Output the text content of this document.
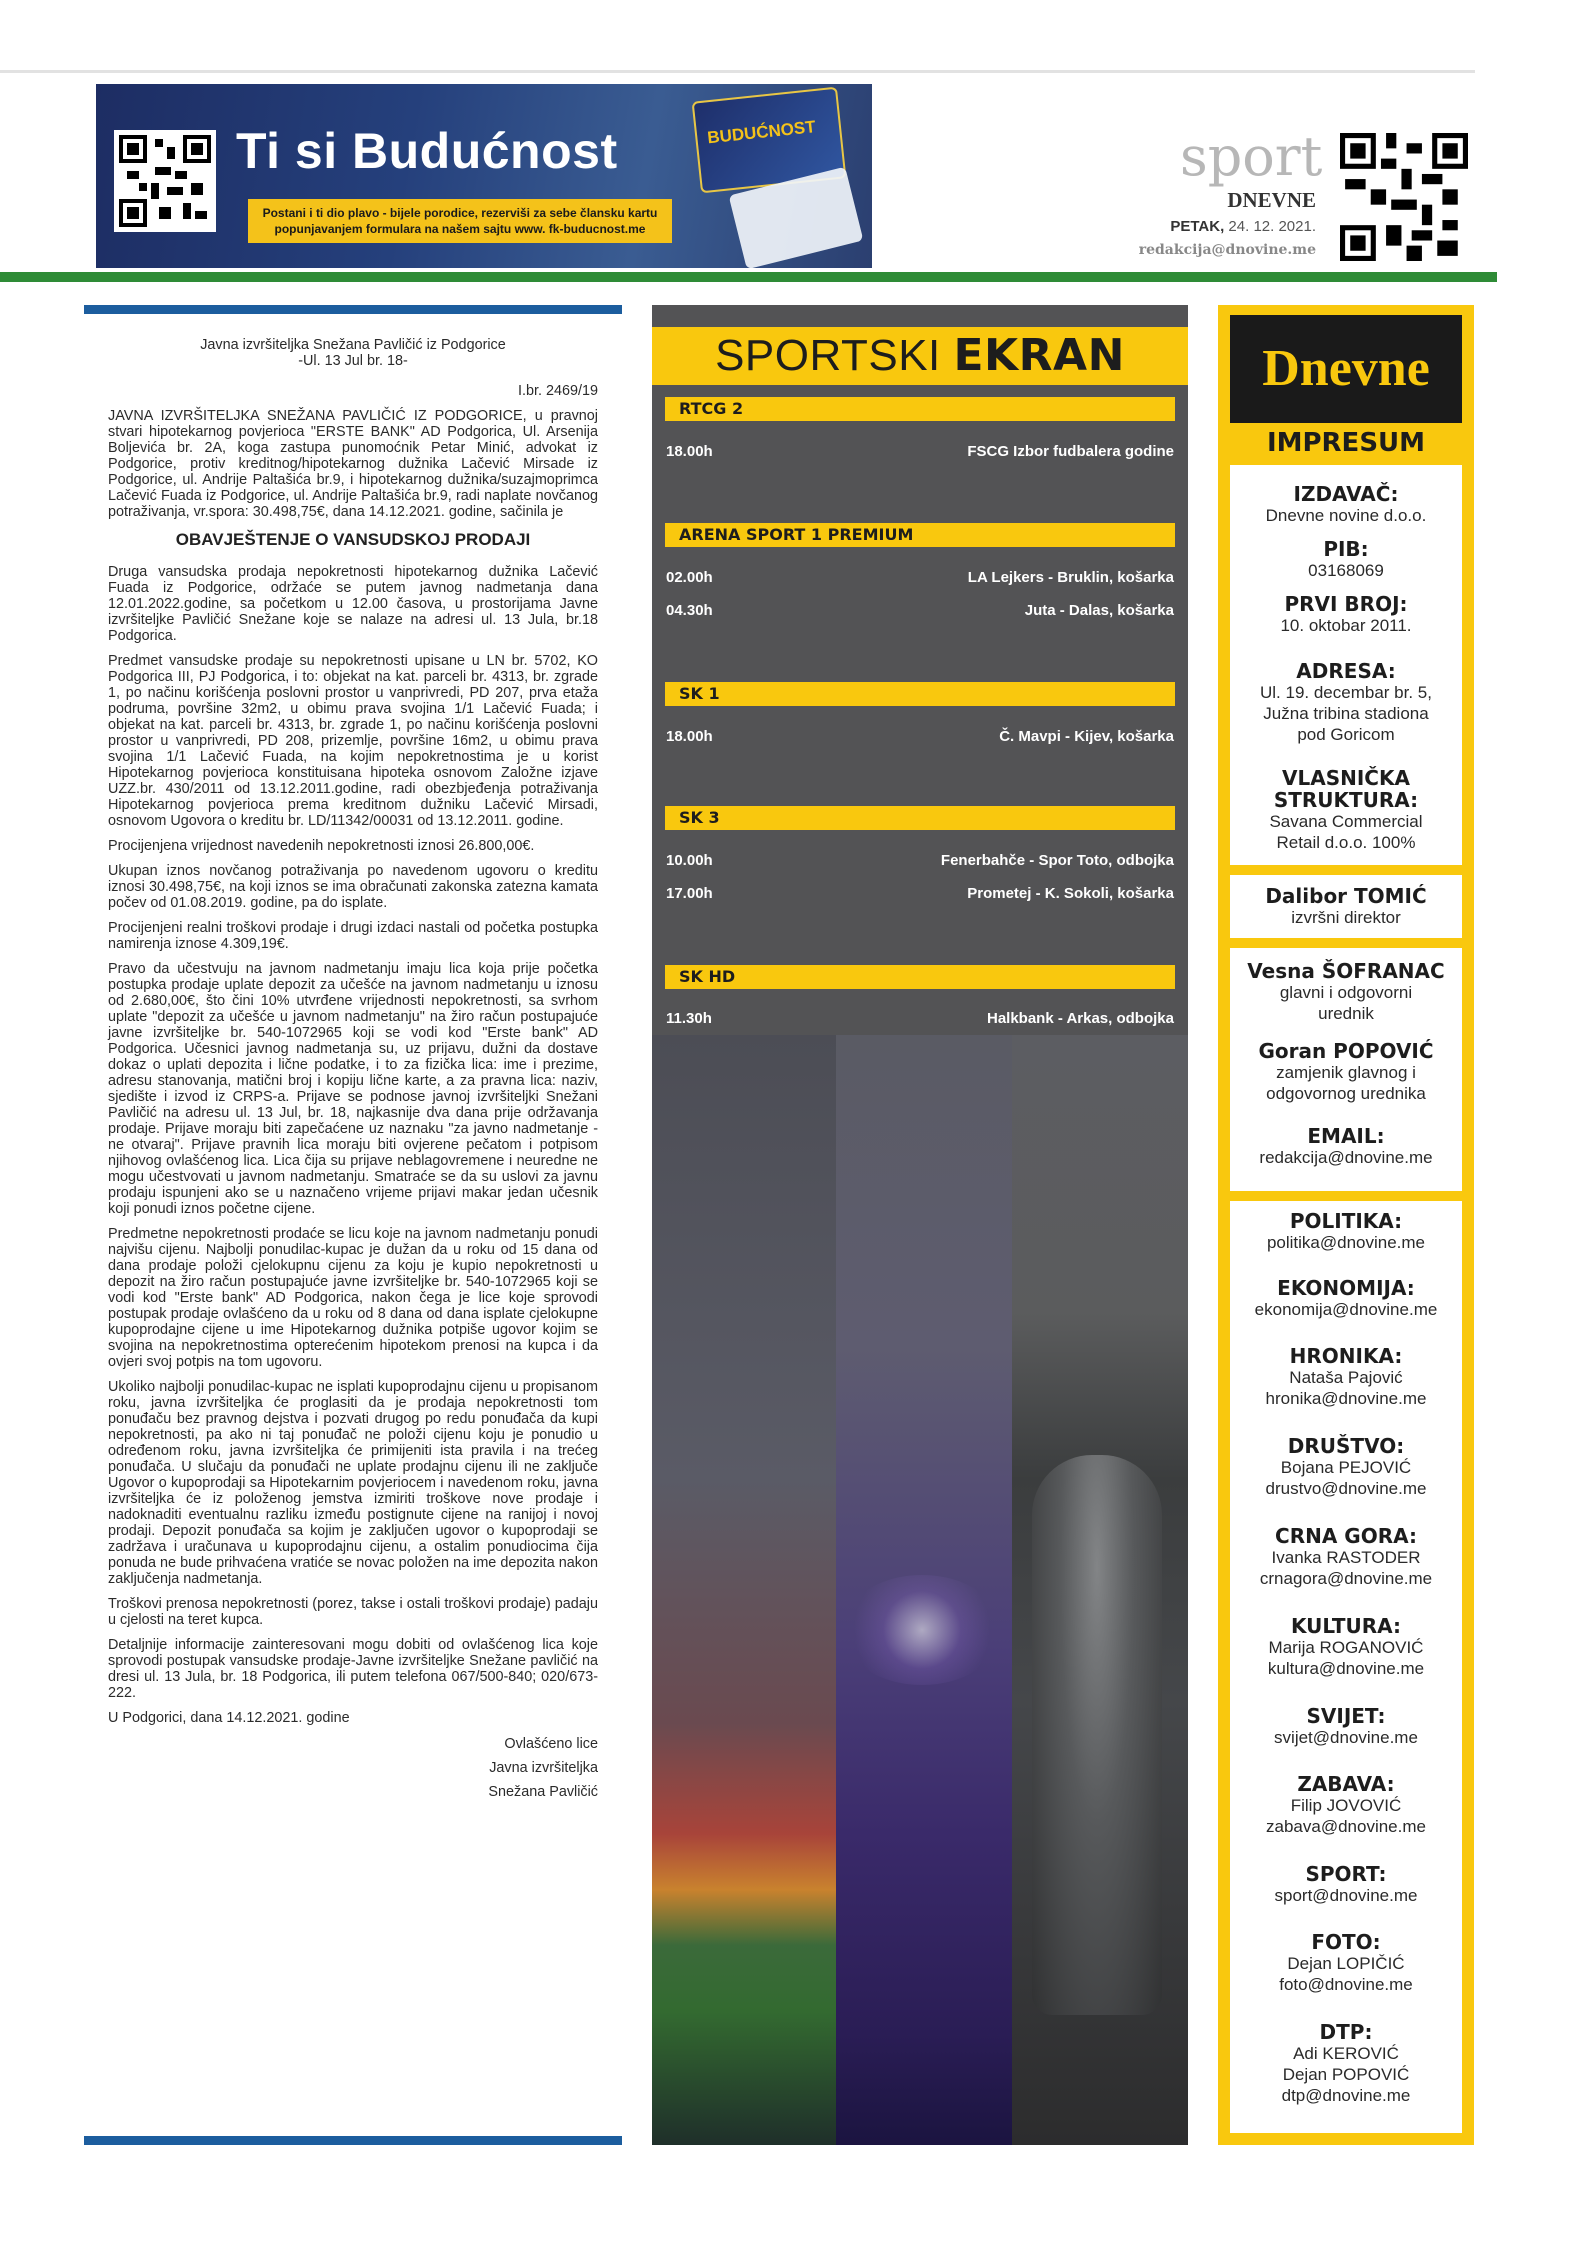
Ti si Budućnost
Postani i ti dio plavo - bijele porodice, rezerviši za sebe člansku kartu popunjavanjem formulara na našem sajtu www. fk-buducnost.me
BUDUĆNOST	sport
DNEVNE
PETAK, 24. 12. 2021.
redakcija@dnovine.me

Javna izvršiteljka Snežana Pavličić iz Podgorice
-Ul. 13 Jul br. 18-

I.br. 2469/19

JAVNA IZVRŠITELJKA SNEŽANA PAVLIČIĆ IZ PODGORICE, u pravnoj stvari hipotekarnog povjerioca "ERSTE BANK" AD Podgorica, Ul. Arsenija Boljevića br. 2A, koga zastupa punomoćnik Petar Minić, advokat iz Podgorice, protiv kreditnog/hipotekarnog dužnika Lačević Mirsade iz Podgorice, ul. Andrije Paltašića br.9, i hipotekarnog dužnika/suzajmoprimca Lačević Fuada iz Podgorice, ul. Andrije Paltašića br.9, radi naplate novčanog potraživanja, vr.spora: 30.498,75€, dana 14.12.2021. godine, sačinila je

OBAVJEŠTENJE O VANSUDSKOJ PRODAJI

Druga vansudska prodaja nepokretnosti hipotekarnog dužnika Lačević Fuada iz Podgorice, održaće se putem javnog nadmetanja dana 12.01.2022.godine, sa početkom u 12.00 časova, u prostorijama Javne izvršiteljke Pavličić Snežane koje se nalaze na adresi ul. 13 Jula, br.18 Podgorica.

Predmet vansudske prodaje su nepokretnosti upisane u LN br. 5702, KO Podgorica III, PJ Podgorica, i to: objekat na kat. parceli br. 4313, br. zgrade 1, po načinu korišćenja poslovni prostor u vanprivredi, PD 207, prva etaža podruma, površine 32m2, u obimu prava svojina 1/1 Lačević Fuada; i objekat na kat. parceli br. 4313, br. zgrade 1, po načinu korišćenja poslovni prostor u vanprivredi, PD 208, prizemlje, površine 16m2, u obimu prava svojina 1/1 Lačević Fuada, na kojim nepokretnostima je u korist Hipotekarnog povjerioca konstituisana hipoteka osnovom Založne izjave UZZ.br. 430/2011 od 13.12.2011.godine, radi obezbjeđenja potraživanja Hipotekarnog povjerioca prema kreditnom dužniku Lačević Mirsadi, osnovom Ugovora o kreditu br. LD/11342/00031 od 13.12.2011. godine.

Procijenjena vrijednost navedenih nepokretnosti iznosi 26.800,00€.

Ukupan iznos novčanog potraživanja po navedenom ugovoru o kreditu iznosi 30.498,75€, na koji iznos se ima obračunati zakonska zatezna kamata počev od 01.08.2019. godine, pa do isplate.

Procijenjeni realni troškovi prodaje i drugi izdaci nastali od početka postupka namirenja iznose 4.309,19€.

Pravo da učestvuju na javnom nadmetanju imaju lica koja prije početka postupka prodaje uplate depozit za učešće na javnom nadmetanju u iznosu od 2.680,00€, što čini 10% utvrđene vrijednosti nepokretnosti, sa svrhom uplate "depozit za učešće u javnom nadmetanju" na žiro račun postupajuće javne izvršiteljke br. 540-1072965 koji se vodi kod "Erste bank" AD Podgorica. Učesnici javnog nadmetanja su, uz prijavu, dužni da dostave dokaz o uplati depozita i lične podatke, i to za fizička lica: ime i prezime, adresu stanovanja, matični broj i kopiju lične karte, a za pravna lica: naziv, sjedište i izvod iz CRPS-a. Prijave se podnose javnoj izvršiteljki Snežani Pavličić na adresu ul. 13 Jul, br. 18, najkasnije dva dana prije održavanja prodaje. Prijave moraju biti zapečaćene uz naznaku "za javno nadmetanje - ne otvaraj". Prijave pravnih lica moraju biti ovjerene pečatom i potpisom njihovog ovlašćenog lica. Lica čija su prijave neblagovremene i neuredne ne mogu učestvovati u javnom nadmetanju. Smatraće se da su uslovi za javnu prodaju ispunjeni ako se u naznačeno vrijeme prijavi makar jedan učesnik koji ponudi iznos početne cijene.

Predmetne nepokretnosti prodaće se licu koje na javnom nadmetanju ponudi najvišu cijenu. Najbolji ponudilac-kupac je dužan da u roku od 15 dana od dana prodaje položi cjelokupnu cijenu za koju je kupio nepokretnosti u depozit na žiro račun postupajuće javne izvršiteljke br. 540-1072965 koji se vodi kod "Erste bank" AD Podgorica, nakon čega je lice koje sprovodi postupak prodaje ovlašćeno da u roku od 8 dana od dana isplate cjelokupne kupoprodajne cijene u ime Hipotekarnog dužnika potpiše ugovor kojim se svojina na nepokretnostima opterećenim hipotekom prenosi na kupca i da ovjeri svoj potpis na tom ugovoru.

Ukoliko najbolji ponudilac-kupac ne isplati kupoprodajnu cijenu u propisanom roku, javna izvršiteljka će proglasiti da je prodaja nepokretnosti tom ponuđaču bez pravnog dejstva i pozvati drugog po redu ponuđača da kupi nepokretnosti, pa ako ni taj ponuđač ne položi cijenu koju je ponudio u određenom roku, javna izvršiteljka će primijeniti ista pravila i na trećeg ponuđača. U slučaju da ponuđači ne uplate prodajnu cijenu ili ne zaključe Ugovor o kupoprodaji sa Hipotekarnim povjeriocem i navedenom roku, javna izvršiteljka će iz položenog jemstva izmiriti troškove nove prodaje i nadoknaditi eventualnu razliku između postignute cijene na ranijoj i novoj prodaji. Depozit ponuđača sa kojim je zaključen ugovor o kupoprodaji se zadržava i uračunava u kupoprodajnu cijenu, a ostalim ponudiocima čija ponuda ne bude prihvaćena vratiće se novac položen na ime depozita nakon zaključenja nadmetanja.

Troškovi prenosa nepokretnosti (porez, takse i ostali troškovi prodaje) padaju u cjelosti na teret kupca.

Detaljnije informacije zainteresovani mogu dobiti od ovlašćenog lica koje sprovodi postupak vansudske prodaje-Javne izvršiteljke Snežane pavličić na dresi ul. 13 Jula, br. 18 Podgorica, ili putem telefona 067/500-840; 020/673-222.

U Podgorici, dana 14.12.2021. godine

Ovlašćeno lice

Javna izvršiteljka

Snežana Pavličić

SPORTSKI EKRAN
RTCG 2
18.00h	FSCG Izbor fudbalera godine
ARENA SPORT 1 PREMIUM
02.00h	LA Lejkers - Bruklin, košarka
04.30h	Juta - Dalas, košarka
SK 1
18.00h	Č. Mavpi - Kijev, košarka
SK 3
10.00h	Fenerbahče - Spor Toto, odbojka
17.00h	Prometej - K. Sokoli, košarka
SK HD
11.30h	Halkbank - Arkas, odbojka
Dnevne
IMPRESUM
IZDAVAČ:
Dnevne novine d.o.o.
PIB:
03168069
PRVI BROJ:
10. oktobar 2011.
ADRESA:
Ul. 19. decembar br. 5,
Južna tribina stadiona
pod Goricom
VLASNIČKA
STRUKTURA:
Savana Commercial
Retail d.o.o. 100%
Dalibor TOMIĆ
izvršni direktor
Vesna ŠOFRANAC
glavni i odgovorni
urednik
Goran POPOVIĆ
zamjenik glavnog i
odgovornog urednika
EMAIL:
redakcija@dnovine.me
POLITIKA:
politika@dnovine.me
EKONOMIJA:
ekonomija@dnovine.me
HRONIKA:
Nataša Pajović
hronika@dnovine.me
DRUŠTVO:
Bojana PEJOVIĆ
drustvo@dnovine.me
CRNA GORA:
Ivanka RASTODER
crnagora@dnovine.me
KULTURA:
Marija ROGANOVIĆ
kultura@dnovine.me
SVIJET:
svijet@dnovine.me
ZABAVA:
Filip JOVOVIĆ
zabava@dnovine.me
SPORT:
sport@dnovine.me
FOTO:
Dejan LOPIČIĆ
foto@dnovine.me
DTP:
Adi KEROVIĆ
Dejan POPOVIĆ
dtp@dnovine.me
